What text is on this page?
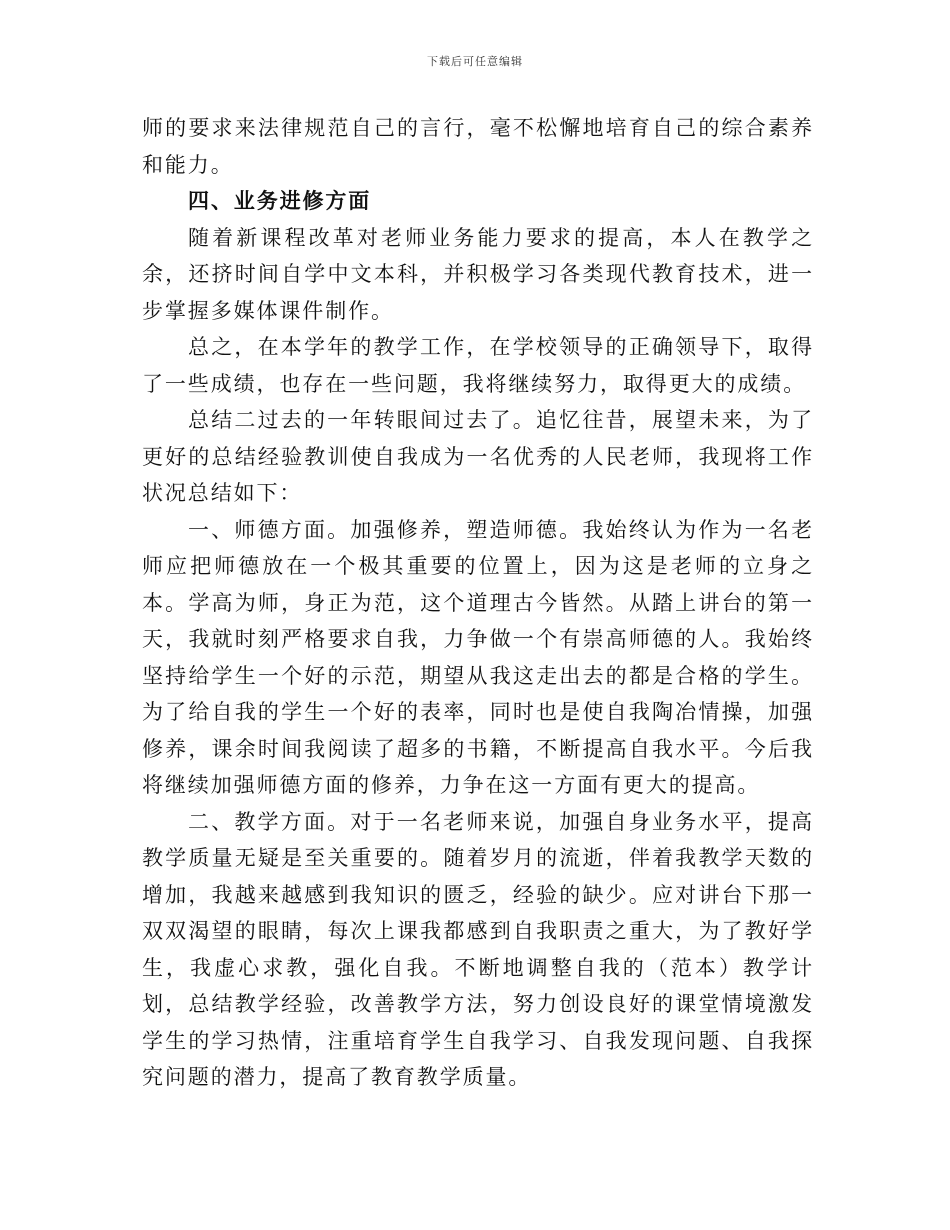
下载后可任意编辑

师的要求来法律规范自己的言行，毫不松懈地培育自己的综合素养和能力。

四、业务进修方面

随着新课程改革对老师业务能力要求的提高，本人在教学之余，还挤时间自学中文本科，并积极学习各类现代教育技术，进一步掌握多媒体课件制作。

总之，在本学年的教学工作，在学校领导的正确领导下，取得了一些成绩，也存在一些问题，我将继续努力，取得更大的成绩。

总结二过去的一年转眼间过去了。追忆往昔，展望未来，为了更好的总结经验教训使自我成为一名优秀的人民老师，我现将工作状况总结如下：

一、师德方面。加强修养，塑造师德。我始终认为作为一名老师应把师德放在一个极其重要的位置上，因为这是老师的立身之本。学高为师，身正为范，这个道理古今皆然。从踏上讲台的第一天，我就时刻严格要求自我，力争做一个有崇高师德的人。我始终坚持给学生一个好的示范，期望从我这走出去的都是合格的学生。为了给自我的学生一个好的表率，同时也是使自我陶冶情操，加强修养，课余时间我阅读了超多的书籍，不断提高自我水平。今后我将继续加强师德方面的修养，力争在这一方面有更大的提高。

二、教学方面。对于一名老师来说，加强自身业务水平，提高教学质量无疑是至关重要的。随着岁月的流逝，伴着我教学天数的增加，我越来越感到我知识的匮乏，经验的缺少。应对讲台下那一双双渴望的眼睛，每次上课我都感到自我职责之重大，为了教好学生，我虚心求教，强化自我。不断地调整自我的（范本）教学计划，总结教学经验，改善教学方法，努力创设良好的课堂情境激发学生的学习热情，注重培育学生自我学习、自我发现问题、自我探究问题的潜力，提高了教育教学质量。
